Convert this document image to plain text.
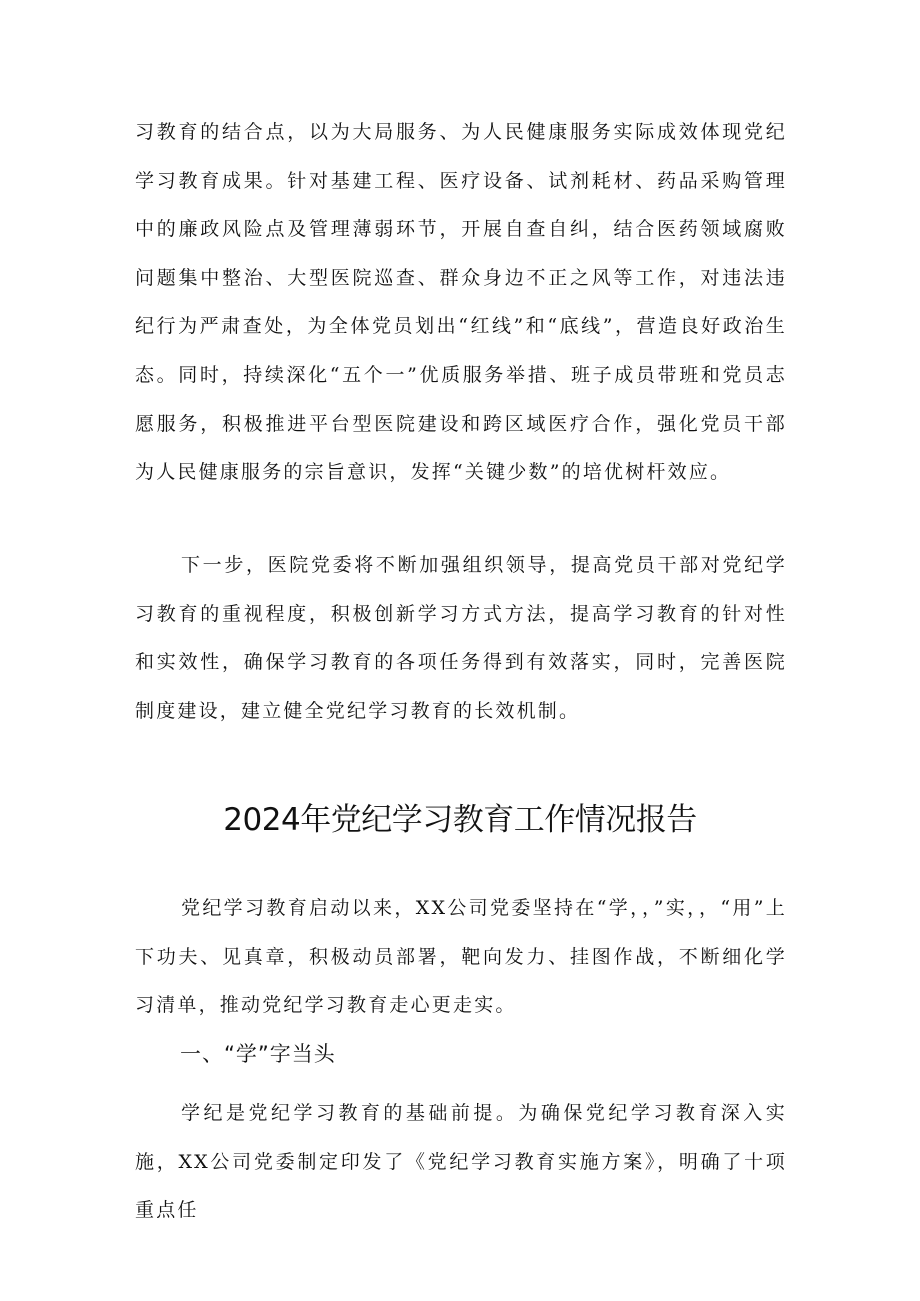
习教育的结合点，以为大局服务、为人民健康服务实际成效体现党纪学习教育成果。针对基建工程、医疗设备、试剂耗材、药品采购管理中的廉政风险点及管理薄弱环节，开展自查自纠，结合医药领域腐败问题集中整治、大型医院巡查、群众身边不正之风等工作，对违法违纪行为严肃查处，为全体党员划出“红线”和“底线”，营造良好政治生态。同时，持续深化“五个一”优质服务举措、班子成员带班和党员志愿服务，积极推进平台型医院建设和跨区域医疗合作，强化党员干部为人民健康服务的宗旨意识，发挥“关键少数”的培优树杆效应。

下一步，医院党委将不断加强组织领导，提高党员干部对党纪学习教育的重视程度，积极创新学习方式方法，提高学习教育的针对性和实效性，确保学习教育的各项任务得到有效落实，同时，完善医院制度建设，建立健全党纪学习教育的长效机制。

2024年党纪学习教育工作情况报告

党纪学习教育启动以来，XX公司党委坚持在“学，，”实，，“用”上下功夫、见真章，积极动员部署，靶向发力、挂图作战，不断细化学习清单，推动党纪学习教育走心更走实。

一、“学”字当头

学纪是党纪学习教育的基础前提。为确保党纪学习教育深入实施，XX公司党委制定印发了《党纪学习教育实施方案》，明确了十项重点任
